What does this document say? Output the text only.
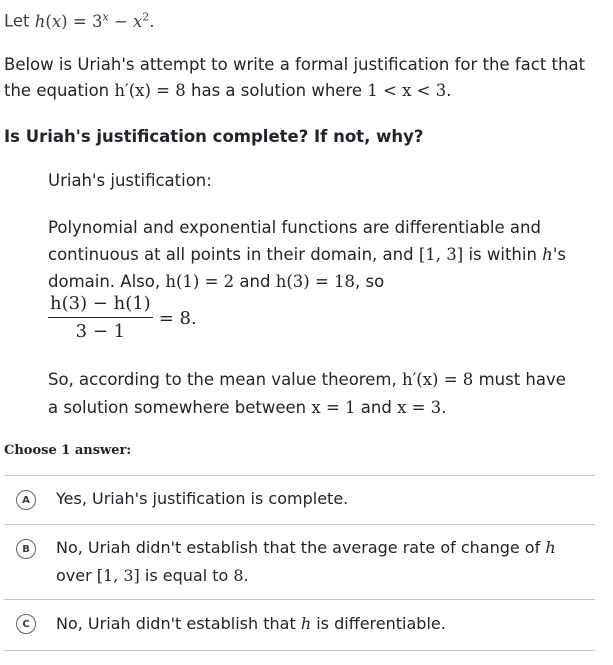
Let $h(x) = 3^x - x^2$.
Below is Uriah's attempt to write a formal justification for the fact that the equation h′(x) = 8 has a solution where 1 < x < 3.
Is Uriah's justification complete? If not, why?
Uriah's justification:
Polynomial and exponential functions are differentiable and continuous at all points in their domain, and [1, 3] is within h's domain. Also, h(1) = 2 and h(3) = 18, so
$\frac{h(3) - h(1)}{3 - 1} = 8$.
So, according to the mean value theorem, h′(x) = 8 must have a solution somewhere between x = 1 and x = 3.
Choose 1 answer:
A	Yes, Uriah's justification is complete.
B	No, Uriah didn't establish that the average rate of change of h over [1, 3] is equal to 8.
C	No, Uriah didn't establish that h is differentiable.
